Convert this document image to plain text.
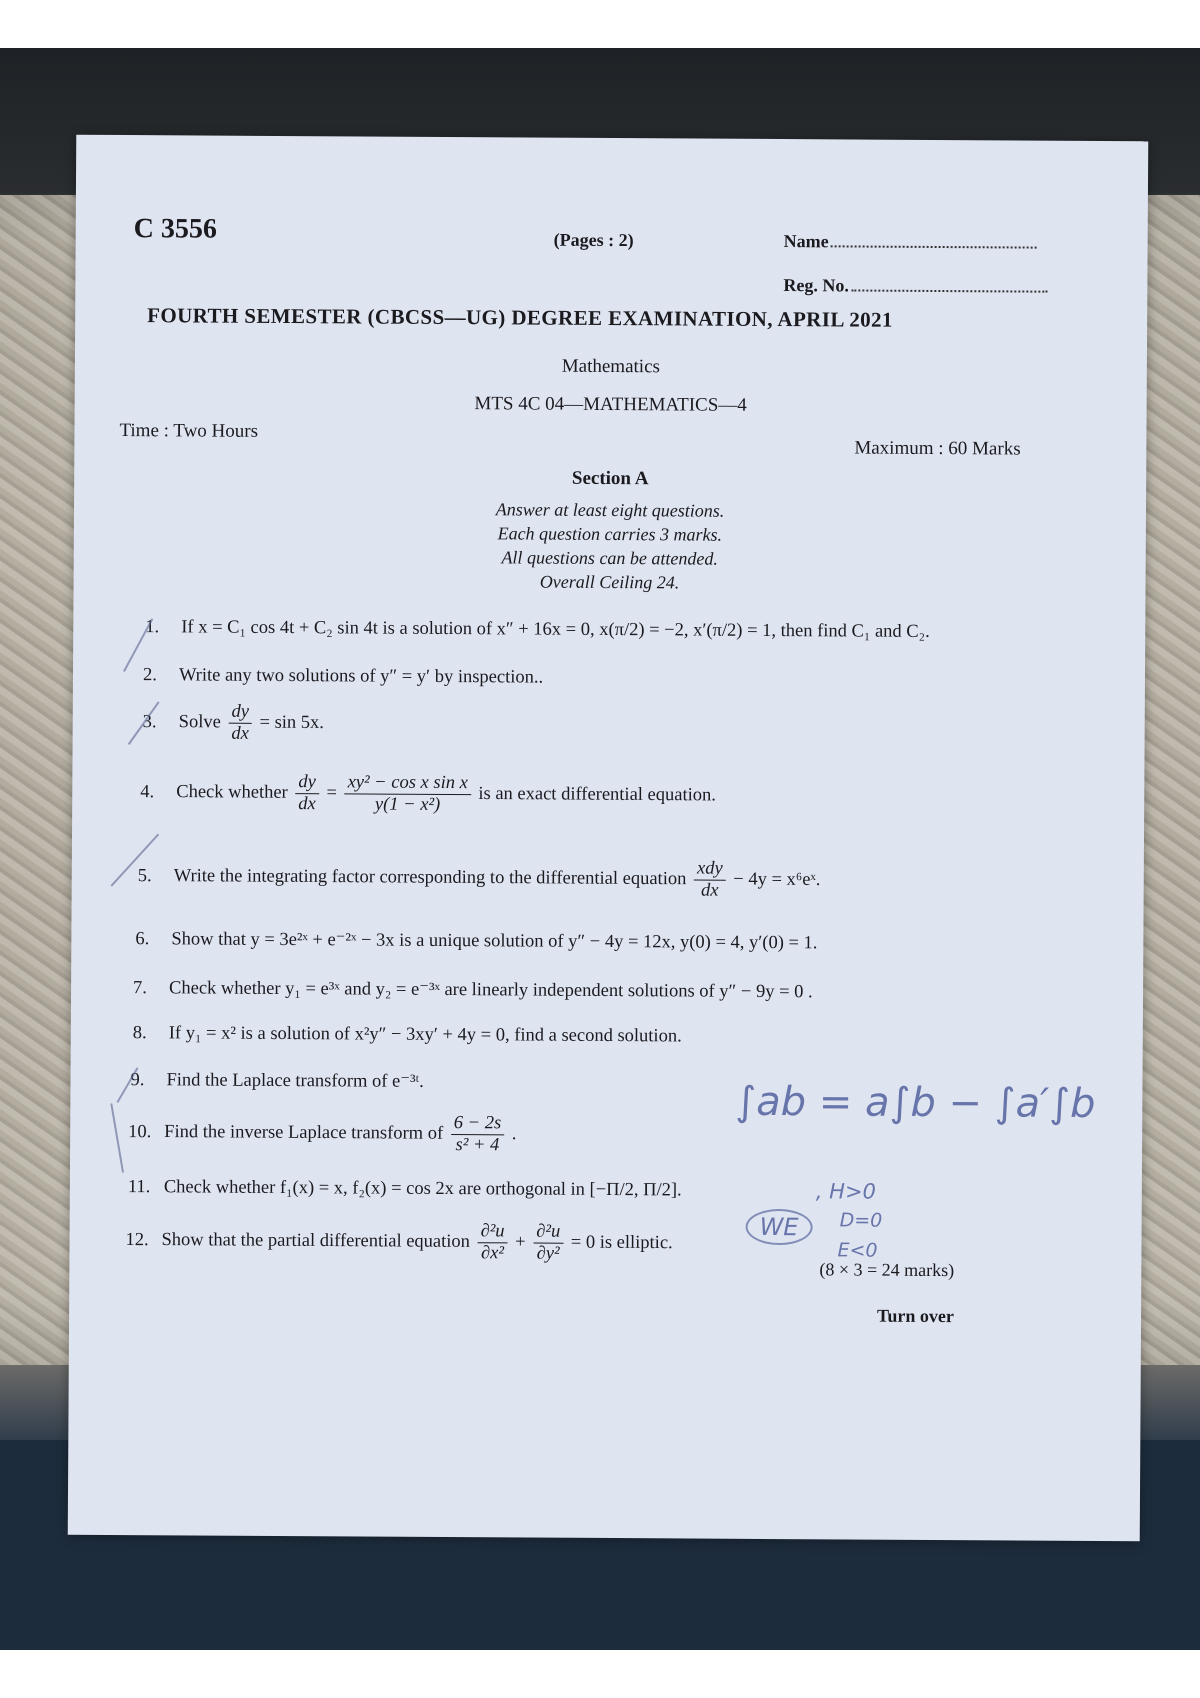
C 3556	(Pages : 2)	Name
Reg. No.
FOURTH SEMESTER (CBCSS—UG) DEGREE EXAMINATION, APRIL 2021
Mathematics
MTS 4C 04—MATHEMATICS—4
Time : Two Hours
Maximum : 60 Marks
Section A
Answer at least eight questions.
Each question carries 3 marks.
All questions can be attended.
Overall Ceiling 24.
1. If x = C₁ cos 4t + C₂ sin 4t is a solution of x″ + 16x = 0, x(π/2) = −2, x′(π/2) = 1, then find C₁ and C₂.
2. Write any two solutions of y″ = y′ by inspection..
3. Solve $\frac{dy}{dx} = \sin 5x$.
4. Check whether $\frac{dy}{dx} = \frac{\text{xy² − cos x sin x}}{\text{y(1 − x²)}}$ is an exact differential equation.
5. Write the integrating factor corresponding to the differential equation $\frac{\text{xdy}}{dx} - 4y$ = x⁶eˣ.
6. Show that y = 3e²ˣ + e⁻²ˣ − 3x is a unique solution of y″ − 4y = 12x, y(0) = 4, y′(0) = 1.
7. Check whether y₁ = e³ˣ and y₂ = e⁻³ˣ are linearly independent solutions of y″ − 9y = 0 .
8. If y₁ = x² is a solution of x²y″ − 3xy′ + 4y = 0, find a second solution.
9. Find the Laplace transform of e⁻³ᵗ.
10. Find the inverse Laplace transform of $\frac{6 - 2s}{\text{s² + 4}}$ .
11. Check whether f₁(x) = x, f₂(x) = cos 2x are orthogonal in [−Π/2, Π/2].
12. Show that the partial differential equation $\frac{\text{∂²u}}{\text{∂x²}} + \frac{\text{∂²u}}{\text{∂y²}} = 0$ is elliptic.
(8 × 3 = 24 marks)
Turn over
∫ab = a∫b − ∫a′∫b
WE
, H>0
D=0
E<0
